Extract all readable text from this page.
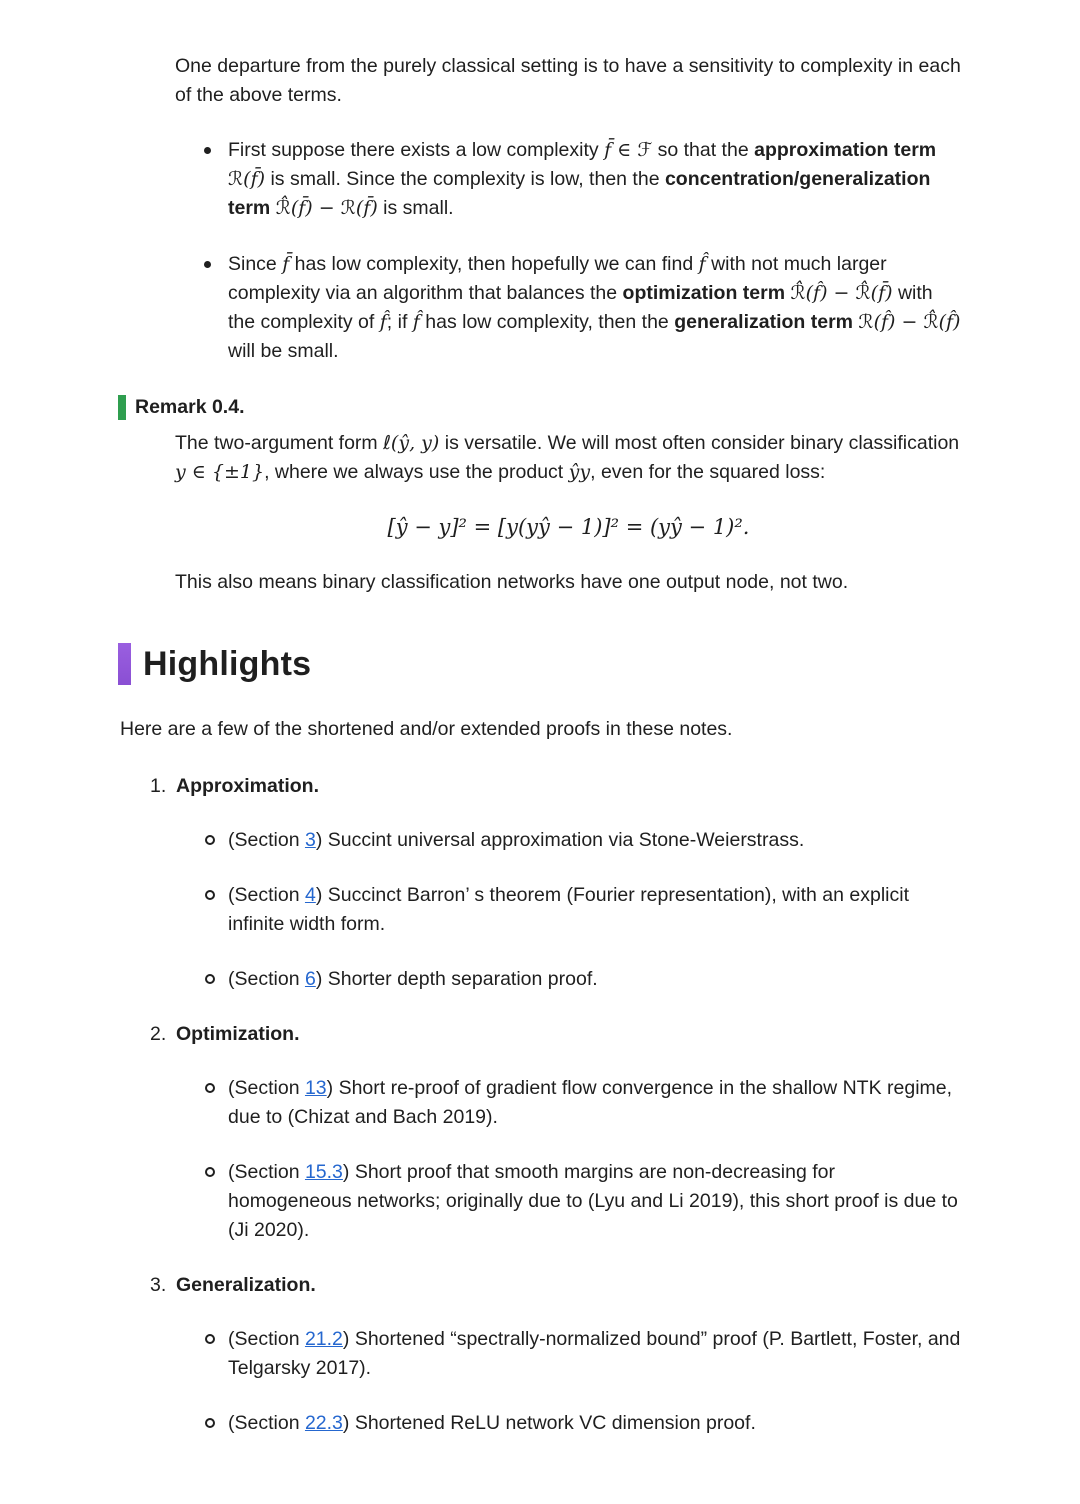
One departure from the purely classical setting is to have a sensitivity to complexity in each of the above terms.

First suppose there exists a low complexity f̄ ∈ ℱ so that the approximation term ℛ(f̄) is small. Since the complexity is low, then the concentration/generalization term ℛ̂(f̄) − ℛ(f̄) is small.
Since f̄ has low complexity, then hopefully we can find f̂ with not much larger complexity via an algorithm that balances the optimization term ℛ̂(f̂) − ℛ̂(f̄) with the complexity of f̂; if f̂ has low complexity, then the generalization term ℛ(f̂) − ℛ̂(f̂) will be small.
Remark 0.4.

The two-argument form ℓ(ŷ, y) is versatile. We will most often consider binary classification y ∈ {±1}, where we always use the product ŷy, even for the squared loss:

[ŷ − y]² = [y(yŷ − 1)]² = (yŷ − 1)².

This also means binary classification networks have one output node, not two.

Highlights

Here are a few of the shortened and/or extended proofs in these notes.

1. Approximation.
(Section 3) Succint universal approximation via Stone-Weierstrass.
(Section 4) Succinct Barron’ s theorem (Fourier representation), with an explicit infinite width form.
(Section 6) Shorter depth separation proof.
2. Optimization.
(Section 13) Short re-proof of gradient flow convergence in the shallow NTK regime, due to (Chizat and Bach 2019).
(Section 15.3) Short proof that smooth margins are non-decreasing for homogeneous networks; originally due to (Lyu and Li 2019), this short proof is due to (Ji 2020).
3. Generalization.
(Section 21.2) Shortened “spectrally-normalized bound” proof (P. Bartlett, Foster, and Telgarsky 2017).
(Section 22.3) Shortened ReLU network VC dimension proof.
